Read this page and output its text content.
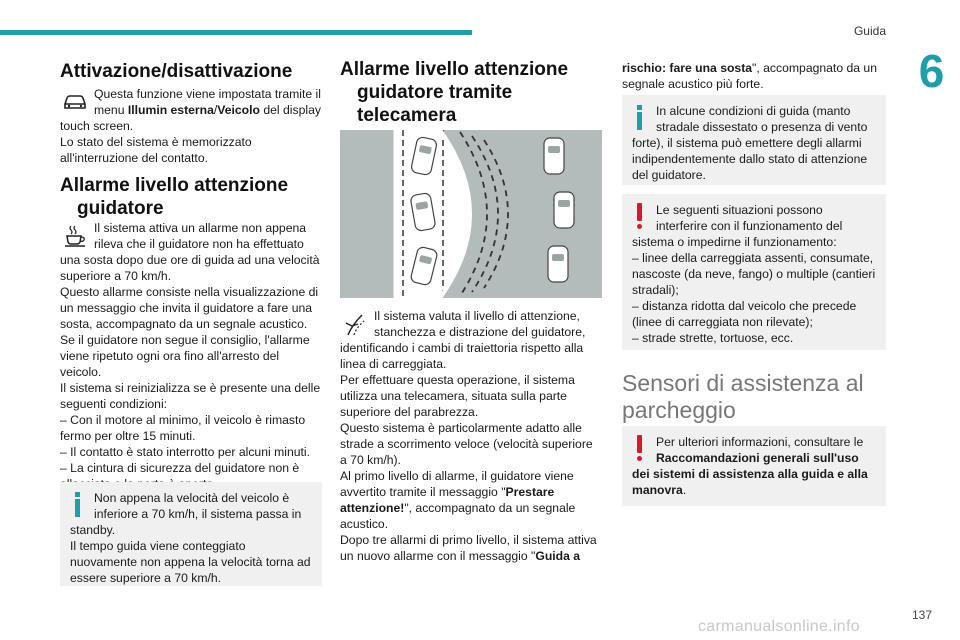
Guida
6
137
carmanualsonline.info
Attivazione/disattivazione

Questa funzione viene impostata tramite il menu Illumin esterna/Veicolo del display touch screen.

Lo stato del sistema è memorizzato all'interruzione del contatto.

Allarme livello attenzione
guidatore

Il sistema attiva un allarme non appena rileva che il guidatore non ha effettuato una sosta dopo due ore di guida ad una velocità superiore a 70 km/h.

Questo allarme consiste nella visualizzazione di un messaggio che invita il guidatore a fare una sosta, accompagnato da un segnale acustico.

Se il guidatore non segue il consiglio, l'allarme viene ripetuto ogni ora fino all'arresto del veicolo.

Il sistema si reinizializza se è presente una delle seguenti condizioni:

– Con il motore al minimo, il veicolo è rimasto fermo per oltre 15 minuti.

– Il contatto è stato interrotto per alcuni minuti.

– La cintura di sicurezza del guidatore non è

Non appena la velocità del veicolo è inferiore a 70 km/h, il sistema passa in standby.

Il tempo guida viene conteggiato nuovamente non appena la velocità torna ad essere superiore a 70 km/h.

Allarme livello attenzione
guidatore tramite
telecamera

Il sistema valuta il livello di attenzione, stanchezza e distrazione del guidatore, identificando i cambi di traiettoria rispetto alla linea di carreggiata.

Per effettuare questa operazione, il sistema utilizza una telecamera, situata sulla parte superiore del parabrezza.

Questo sistema è particolarmente adatto alle strade a scorrimento veloce (velocità superiore a 70 km/h).

Al primo livello di allarme, il guidatore viene avvertito tramite il messaggio "Prestare attenzione!", accompagnato da un segnale acustico.

Dopo tre allarmi di primo livello, il sistema attiva un nuovo allarme con il messaggio "Guida a

rischio: fare una sosta", accompagnato da un segnale acustico più forte.

In alcune condizioni di guida (manto stradale dissestato o presenza di vento forte), il sistema può emettere degli allarmi indipendentemente dallo stato di attenzione del guidatore.

Le seguenti situazioni possono interferire con il funzionamento del sistema o impedirne il funzionamento:

– linee della carreggiata assenti, consumate, nascoste (da neve, fango) o multiple (cantieri stradali);

– distanza ridotta dal veicolo che precede (linee di carreggiata non rilevate);

– strade strette, tortuose, ecc.

Sensori di assistenza al
parcheggio

Per ulteriori informazioni, consultare le Raccomandazioni generali sull'uso dei sistemi di assistenza alla guida e alla manovra.
